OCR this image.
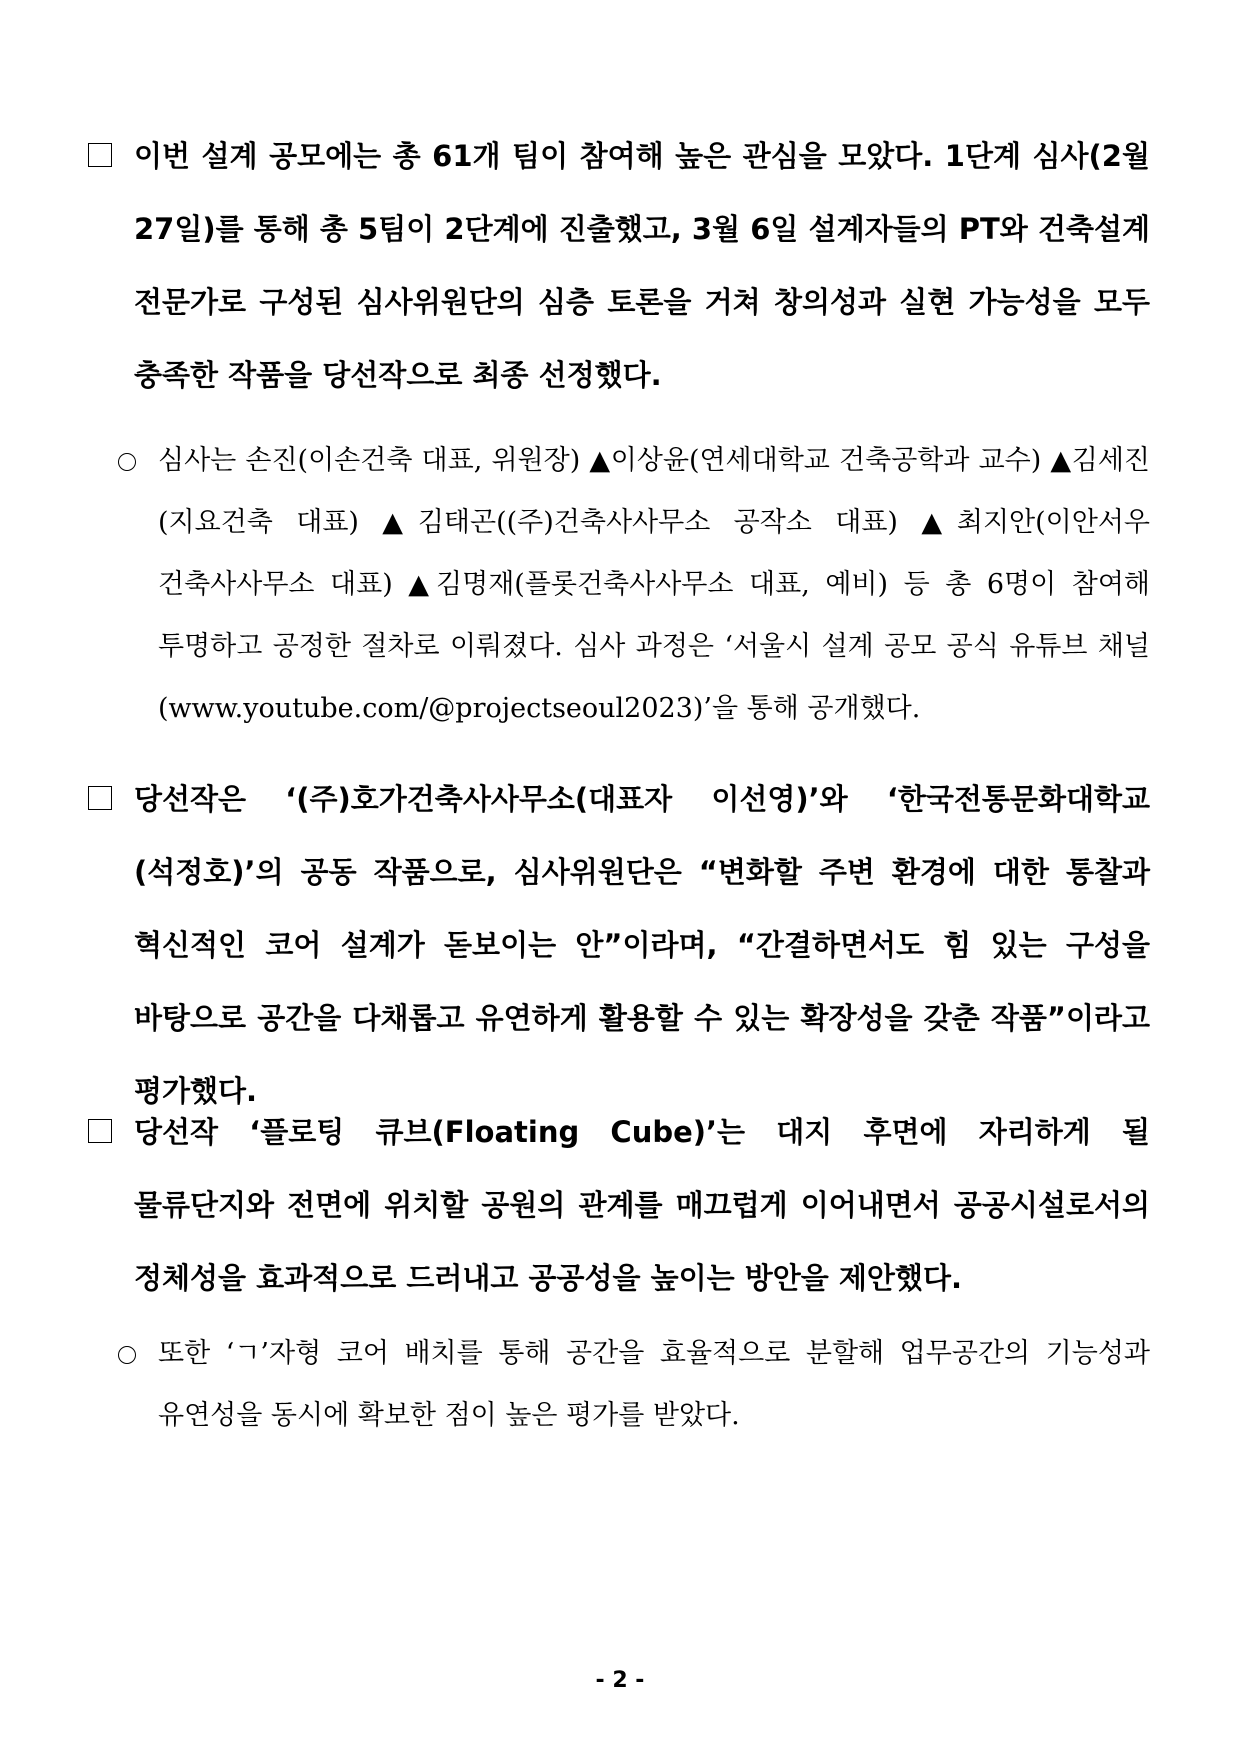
이번 설계 공모에는 총 61개 팀이 참여해 높은 관심을 모았다. 1단계 심사(2월 27일)를 통해 총 5팀이 2단계에 진출했고, 3월 6일 설계자들의 PT와 건축설계 전문가로 구성된 심사위원단의 심층 토론을 거쳐 창의성과 실현 가능성을 모두 충족한 작품을 당선작으로 최종 선정했다.
심사는 손진(이손건축 대표, 위원장) ▲이상윤(연세대학교 건축공학과 교수) ▲김세진(지요건축 대표) ▲김태곤((주)건축사사무소 공작소 대표) ▲최지안(이안서우 건축사사무소 대표) ▲김명재(플롯건축사사무소 대표, 예비) 등 총 6명이 참여해 투명하고 공정한 절차로 이뤄졌다. 심사 과정은 ‘서울시 설계 공모 공식 유튜브 채널(www.youtube.com/@projectseoul2023)’을 통해 공개했다.
당선작은 ‘(주)호가건축사사무소(대표자 이선영)’와 ‘한국전통문화대학교(석정호)’의 공동 작품으로, 심사위원단은 “변화할 주변 환경에 대한 통찰과 혁신적인 코어 설계가 돋보이는 안”이라며, “간결하면서도 힘 있는 구성을 바탕으로 공간을 다채롭고 유연하게 활용할 수 있는 확장성을 갖춘 작품”이라고 평가했다.
당선작 ‘플로팅 큐브(Floating Cube)’는 대지 후면에 자리하게 될 물류단지와 전면에 위치할 공원의 관계를 매끄럽게 이어내면서 공공시설로서의 정체성을 효과적으로 드러내고 공공성을 높이는 방안을 제안했다.
또한 ‘ㄱ’자형 코어 배치를 통해 공간을 효율적으로 분할해 업무공간의 기능성과 유연성을 동시에 확보한 점이 높은 평가를 받았다.
- 2 -
